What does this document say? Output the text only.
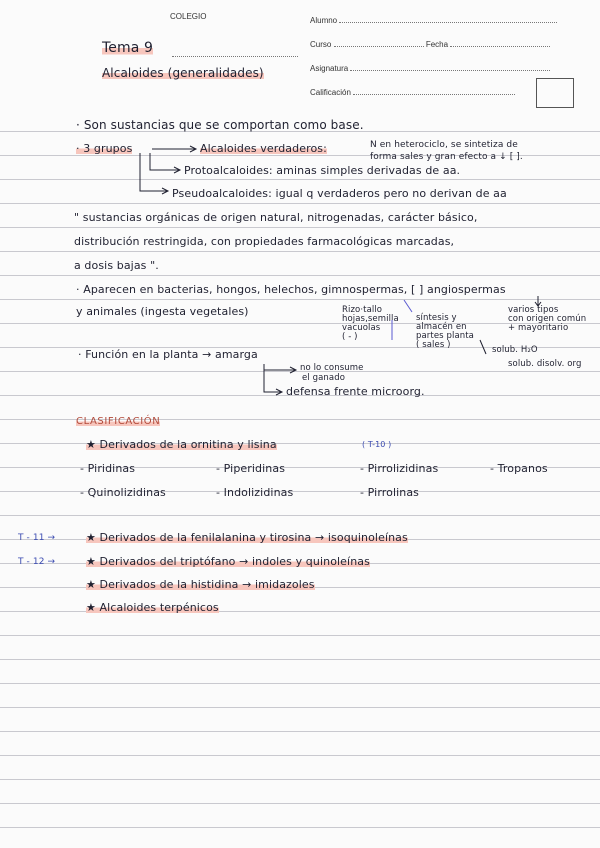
COLEGIO	Alumno
Curso	Fecha
Asignatura
Calificación
Tema 9
Alcaloides (generalidades)
· Son sustancias que se comportan como base.
· 3 grupos	Alcaloides verdaderos:	N en heterociclo, se sintetiza de
forma sales y gran efecto a ↓ [ ].
Protoalcaloides: aminas simples derivadas de aa.
Pseudoalcaloides: igual q verdaderos pero no derivan de aa
" sustancias orgánicas de origen natural, nitrogenadas, carácter básico,
distribución restringida, con propiedades farmacológicas marcadas,
a dosis bajas ".
· Aparecen en bacterias, hongos, helechos, gimnospermas, [ ] angiospermas
y animales (ingesta vegetales)	Rizo·tallo
hojas,semilla
vacuolas
( - )
síntesis y
almacén en
partes planta
( sales )
varios tipos
con origen común
+ mayoritario
solub. H₂O
solub. disolv. org
· Función en la planta → amarga
no lo consume
el ganado
defensa frente microorg.
CLASIFICACIÓN
★ Derivados de la ornitina y lisina	( T-10 )
- Piridinas	- Piperidinas	- Pirrolizidinas	- Tropanos
- Quinolizidinas	- Indolizidinas	- Pirrolinas
T - 11 →	★ Derivados de la fenilalanina y tirosina → isoquinoleínas
T - 12 →	★ Derivados del triptófano → indoles y quinoleínas
★ Derivados de la histidina → imidazoles
★ Alcaloides terpénicos
